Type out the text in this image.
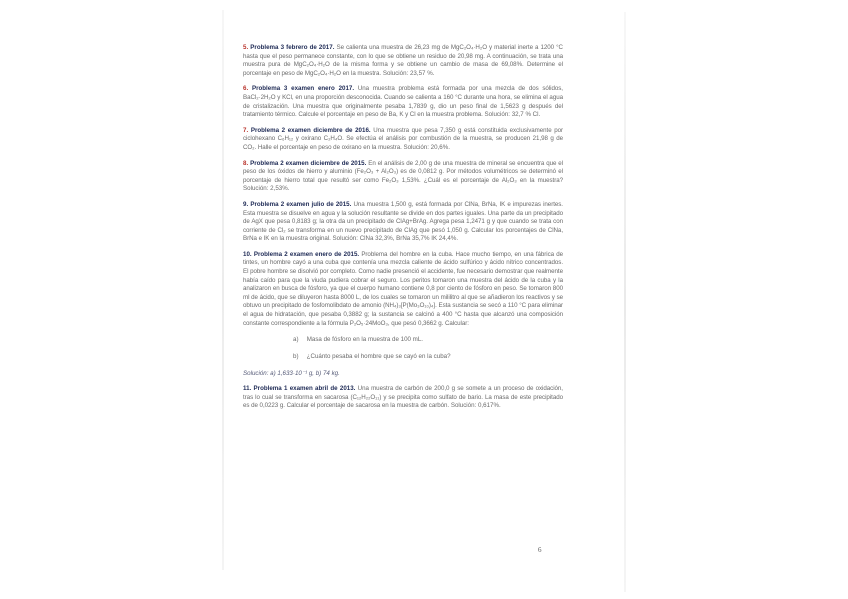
5. Problema 3 febrero de 2017. Se calienta una muestra de 26,23 mg de MgC₂O₄·H₂O y material inerte a 1200 °C hasta que el peso permanece constante, con lo que se obtiene un residuo de 20,98 mg. A continuación, se trata una muestra pura de MgC₂O₄·H₂O de la misma forma y se obtiene un cambio de masa de 69,08%. Determine el porcentaje en peso de MgC₂O₄·H₂O en la muestra. Solución: 23,57 %.

6. Problema 3 examen enero 2017. Una muestra problema está formada por una mezcla de dos sólidos, BaCl₂·2H₂O y KCl, en una proporción desconocida. Cuando se calienta a 160 °C durante una hora, se elimina el agua de cristalización. Una muestra que originalmente pesaba 1,7839 g, dio un peso final de 1,5623 g después del tratamiento térmico. Calcule el porcentaje en peso de Ba, K y Cl en la muestra problema. Solución: 32,7 % Cl.

7. Problema 2 examen diciembre de 2016. Una muestra que pesa 7,350 g está constituida exclusivamente por ciclohexano C₆H₁₂ y oxirano C₂H₄O. Se efectúa el análisis por combustión de la muestra, se producen 21,98 g de CO₂. Halle el porcentaje en peso de oxirano en la muestra. Solución: 20,6%.

8. Problema 2 examen diciembre de 2015. En el análisis de 2,00 g de una muestra de mineral se encuentra que el peso de los óxidos de hierro y aluminio (Fe₂O₃ + Al₂O₃) es de 0,0812 g. Por métodos volumétricos se determinó el porcentaje de hierro total que resultó ser como Fe₂O₃ 1,53%. ¿Cuál es el porcentaje de Al₂O₃ en la muestra? Solución: 2,53%.

9. Problema 2 examen julio de 2015. Una muestra 1,500 g, está formada por ClNa, BrNa, IK e impurezas inertes. Esta muestra se disuelve en agua y la solución resultante se divide en dos partes iguales. Una parte da un precipitado de AgX que pesa 0,8183 g; la otra da un precipitado de ClAg+BrAg. Agrega pesa 1,2471 g y que cuando se trata con corriente de Cl₂ se transforma en un nuevo precipitado de ClAg que pesó 1,050 g. Calcular los porcentajes de ClNa, BrNa e IK en la muestra original. Solución: ClNa 32,3%, BrNa 35,7% IK 24,4%.

10. Problema 2 examen enero de 2015. Problema del hombre en la cuba. Hace mucho tiempo, en una fábrica de tintes, un hombre cayó a una cuba que contenía una mezcla caliente de ácido sulfúrico y ácido nítrico concentrados. El pobre hombre se disolvió por completo. Como nadie presenció el accidente, fue necesario demostrar que realmente había caído para que la viuda pudiera cobrar el seguro. Los peritos tomaron una muestra del ácido de la cuba y la analizaron en busca de fósforo, ya que el cuerpo humano contiene 0,8 por ciento de fósforo en peso. Se tomaron 800 ml de ácido, que se diluyeron hasta 8000 L, de los cuales se tomaron un mililitro al que se añadieron los reactivos y se obtuvo un precipitado de fosfomolibdato de amonio (NH₄)₃[P(Mo₃O₁₀)₄]. Esta sustancia se secó a 110 °C para eliminar el agua de hidratación, que pesaba 0,3882 g; la sustancia se calcinó a 400 °C hasta que alcanzó una composición constante correspondiente a la fórmula P₂O₅·24MoO₃, que pesó 0,3662 g. Calcular:

a) Masa de fósforo en la muestra de 100 mL.
b) ¿Cuánto pesaba el hombre que se cayó en la cuba?

Solución: a) 1,633·10⁻¹ g, b) 74 kg.

11. Problema 1 examen abril de 2013. Una muestra de carbón de 200,0 g se somete a un proceso de oxidación, tras lo cual se transforma en sacarosa (C₁₂H₂₂O₁₁) y se precipita como sulfato de bario. La masa de este precipitado es de 0,0223 g. Calcular el porcentaje de sacarosa en la muestra de carbón. Solución: 0,617%.

6
